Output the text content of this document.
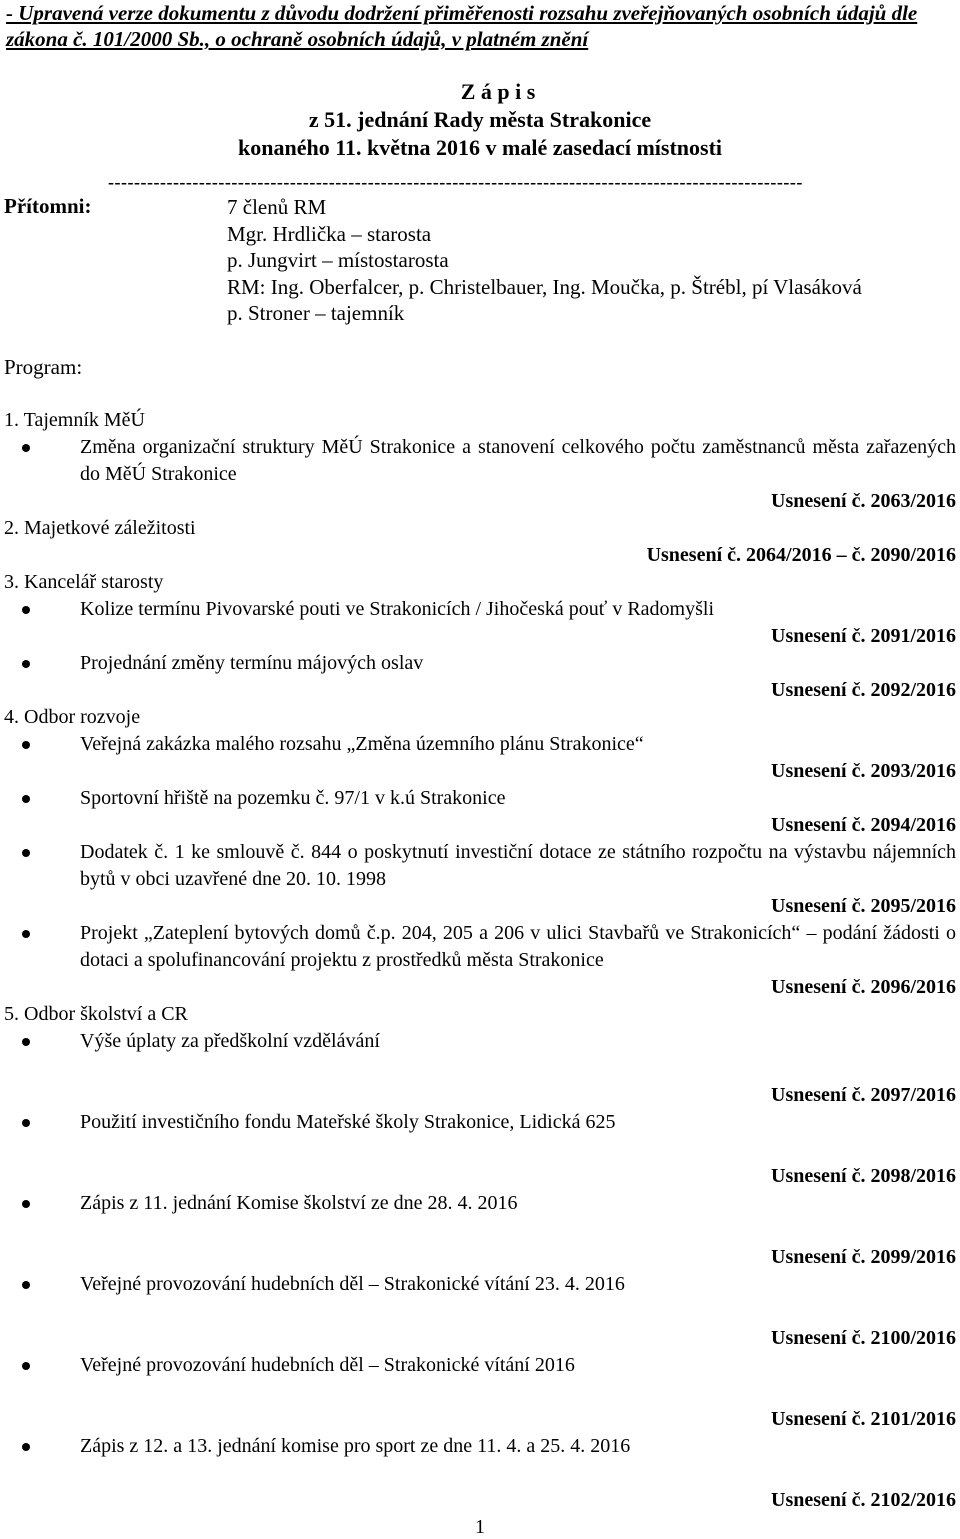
- Upravená verze dokumentu z důvodu dodržení přiměřenosti rozsahu zveřejňovaných osobních údajů dle zákona č. 101/2000 Sb., o ochraně osobních údajů, v platném znění
Z á p i s
z 51. jednání Rady města Strakonice
konaného 11. května 2016 v malé zasedací místnosti
-----------------------------------------------------------------------------------------------------------
Přítomni:	7 členů RM
Mgr. Hrdlička – starosta
p. Jungvirt – místostarosta
RM: Ing. Oberfalcer, p. Christelbauer, Ing. Moučka, p. Štrébl, pí Vlasáková
p. Stroner – tajemník
Program:
1. Tajemník MěÚ
Změna organizační struktury MěÚ Strakonice a stanovení celkového počtu zaměstnanců města zařazených do MěÚ Strakonice
Usnesení č. 2063/2016
2. Majetkové záležitosti
Usnesení č. 2064/2016 – č. 2090/2016
3. Kancelář starosty
Kolize termínu Pivovarské pouti ve Strakonicích / Jihočeská pouť v Radomyšli
Usnesení č. 2091/2016
Projednání změny termínu májových oslav
Usnesení č. 2092/2016
4. Odbor rozvoje
Veřejná zakázka malého rozsahu „Změna územního plánu Strakonice“
Usnesení č. 2093/2016
Sportovní hřiště na pozemku č. 97/1 v k.ú Strakonice
Usnesení č. 2094/2016
Dodatek č. 1 ke smlouvě č. 844 o poskytnutí investiční dotace ze státního rozpočtu na výstavbu nájemních bytů v obci uzavřené dne 20. 10. 1998
Usnesení č. 2095/2016
Projekt „Zateplení bytových domů č.p. 204, 205 a 206 v ulici Stavbařů ve Strakonicích“ – podání žádosti o dotaci a spolufinancování projektu z prostředků města Strakonice
Usnesení č. 2096/2016
5. Odbor školství a CR
Výše úplaty za předškolní vzdělávání
Usnesení č. 2097/2016
Použití investičního fondu Mateřské školy Strakonice, Lidická 625
Usnesení č. 2098/2016
Zápis z 11. jednání Komise školství ze dne 28. 4. 2016
Usnesení č. 2099/2016
Veřejné provozování hudebních děl – Strakonické vítání 23. 4. 2016
Usnesení č. 2100/2016
Veřejné provozování hudebních děl – Strakonické vítání 2016
Usnesení č. 2101/2016
Zápis z 12. a 13. jednání komise pro sport ze dne 11. 4. a 25. 4. 2016
Usnesení č. 2102/2016
1
